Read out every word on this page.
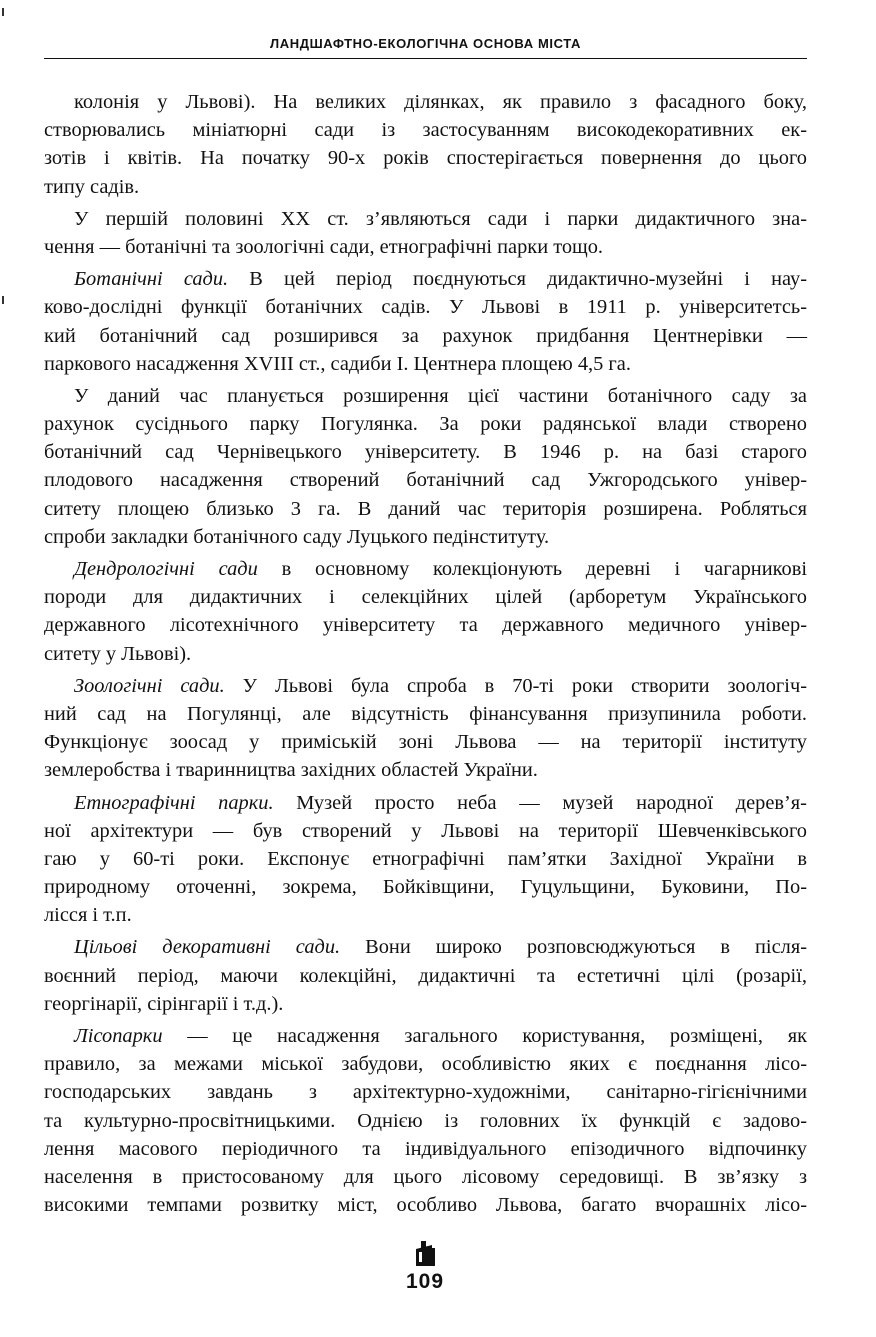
ЛАНДШАФТНО-ЕКОЛОГІЧНА ОСНОВА МІСТА
колонія у Львові). На великих ділянках, як правило з фасадного боку,
створювались мініатюрні сади із застосуванням високодекоративних ек-
зотів і квітів. На початку 90-х років спостерігається повернення до цього
типу садів.
У першій половині XX ст. з’являються сади і парки дидактичного зна-
чення — ботанічні та зоологічні сади, етнографічні парки тощо.
Ботанічні сади. В цей період поєднуються дидактично-музейні і нау-
ково-дослідні функції ботанічних садів. У Львові в 1911 р. університетсь-
кий ботанічний сад розширився за рахунок придбання Центнерівки —
паркового насадження XVIII ст., садиби І. Центнера площею 4,5 га.
У даний час планується розширення цієї частини ботанічного саду за
рахунок сусіднього парку Погулянка. За роки радянської влади створено
ботанічний сад Чернівецького університету. В 1946 р. на базі старого
плодового насадження створений ботанічний сад Ужгородського універ-
ситету площею близько 3 га. В даний час територія розширена. Робляться
спроби закладки ботанічного саду Луцького педінституту.
Дендрологічні сади в основному колекціонують деревні і чагарникові
породи для дидактичних і селекційних цілей (арборетум Українського
державного лісотехнічного університету та державного медичного універ-
ситету у Львові).
Зоологічні сади. У Львові була спроба в 70-ті роки створити зоологіч-
ний сад на Погулянці, але відсутність фінансування призупинила роботи.
Функціонує зоосад у приміській зоні Львова — на території інституту
землеробства і тваринництва західних областей України.
Етнографічні парки. Музей просто неба — музей народної дерев’я-
ної архітектури — був створений у Львові на території Шевченківського
гаю у 60-ті роки. Експонує етнографічні пам’ятки Західної України в
природному оточенні, зокрема, Бойківщини, Гуцульщини, Буковини, По-
лісся і т.п.
Цільові декоративні сади. Вони широко розповсюджуються в після-
воєнний період, маючи колекційні, дидактичні та естетичні цілі (розарії,
георгінарії, сірінгарії і т.д.).
Лісопарки — це насадження загального користування, розміщені, як
правило, за межами міської забудови, особливістю яких є поєднання лісо-
господарських завдань з архітектурно-художніми, санітарно-гігієнічними
та культурно-просвітницькими. Однією із головних їх функцій є задово-
лення масового періодичного та індивідуального епізодичного відпочинку
населення в пристосованому для цього лісовому середовищі. В зв’язку з
високими темпами розвитку міст, особливо Львова, багато вчорашніх лісо-
109
